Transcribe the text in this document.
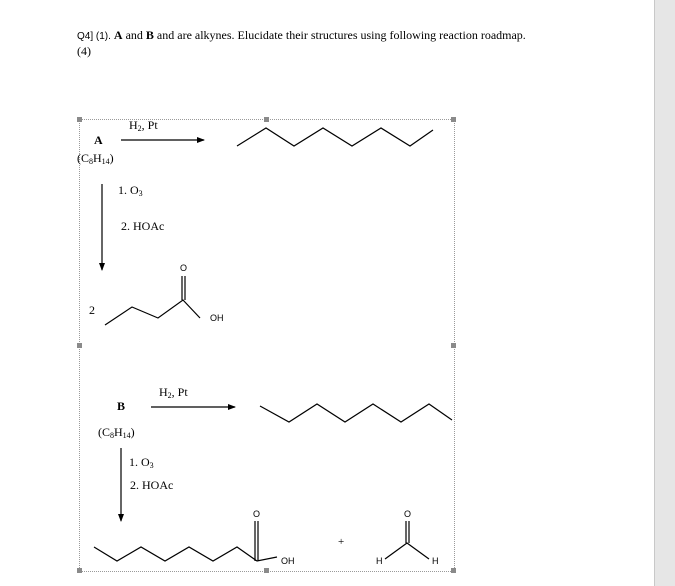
Q4] (1). A and B and are alkynes. Elucidate their structures using following reaction roadmap.
(4)
$H_2$, Pt
A
$(C_8H_{14})$
1. $O_3$
2. HOAc
2
O
OH
$H_2$, Pt
B
$(C_8H_{14})$
1. $O_3$
2. HOAc
O
OH
+
O
H	H
